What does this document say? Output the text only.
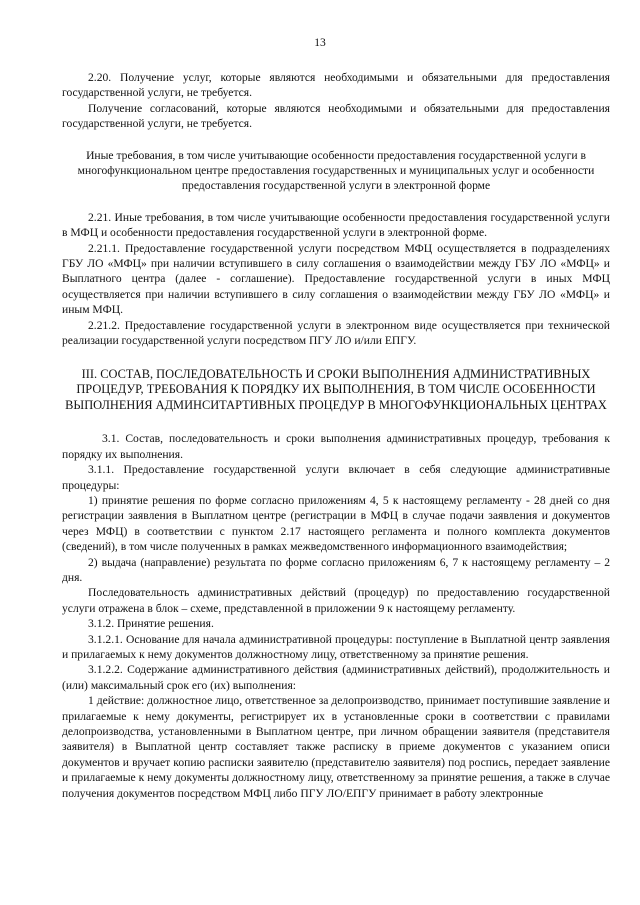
13

2.20. Получение услуг, которые являются необходимыми и обязательными для предоставления государственной услуги, не требуется.

Получение согласований, которые являются необходимыми и обязательными для предоставления государственной услуги, не требуется.

Иные требования, в том числе учитывающие особенности предоставления государственной услуги в многофункциональном центре предоставления государственных и муниципальных услуг и особенности предоставления государственной услуги в электронной форме

2.21. Иные требования, в том числе учитывающие особенности предоставления государственной услуги в МФЦ и особенности предоставления государственной услуги в электронной форме.

2.21.1. Предоставление государственной услуги посредством МФЦ осуществляется в подразделениях ГБУ ЛО «МФЦ» при наличии вступившего в силу соглашения о взаимодействии между ГБУ ЛО «МФЦ» и Выплатного центра (далее - соглашение). Предоставление государственной услуги в иных МФЦ осуществляется при наличии вступившего в силу соглашения о взаимодействии между ГБУ ЛО «МФЦ» и иным МФЦ.

2.21.2. Предоставление государственной услуги в электронном виде осуществляется при технической реализации государственной услуги посредством ПГУ ЛО и/или ЕПГУ.

III. СОСТАВ, ПОСЛЕДОВАТЕЛЬНОСТЬ И СРОКИ ВЫПОЛНЕНИЯ АДМИНИСТРАТИВНЫХ ПРОЦЕДУР, ТРЕБОВАНИЯ К ПОРЯДКУ ИХ ВЫПОЛНЕНИЯ, В ТОМ ЧИСЛЕ ОСОБЕННОСТИ ВЫПОЛНЕНИЯ АДМИНСИТАРТИВНЫХ ПРОЦЕДУР В МНОГОФУНКЦИОНАЛЬНЫХ ЦЕНТРАХ

3.1. Состав, последовательность и сроки выполнения административных процедур, требования к порядку их выполнения.

3.1.1. Предоставление государственной услуги включает в себя следующие административные процедуры:

1) принятие решения по форме согласно приложениям 4, 5 к настоящему регламенту - 28 дней со дня регистрации заявления в Выплатном центре (регистрации в МФЦ в случае подачи заявления и документов через МФЦ) в соответствии с пунктом 2.17 настоящего регламента и полного комплекта документов (сведений), в том числе полученных в рамках межведомственного информационного взаимодействия;

2) выдача (направление) результата по форме согласно приложениям 6, 7 к настоящему регламенту – 2 дня.

Последовательность административных действий (процедур) по предоставлению государственной услуги отражена в блок – схеме, представленной в приложении 9 к настоящему регламенту.

3.1.2. Принятие решения.

3.1.2.1. Основание для начала административной процедуры: поступление в Выплатной центр заявления и прилагаемых к нему документов должностному лицу, ответственному за принятие решения.

3.1.2.2. Содержание административного действия (административных действий), продолжительность и (или) максимальный срок его (их) выполнения:

1 действие: должностное лицо, ответственное за делопроизводство, принимает поступившие заявление и прилагаемые к нему документы, регистрирует их в установленные сроки в соответствии с правилами делопроизводства, установленными в Выплатном центре, при личном обращении заявителя (представителя заявителя) в Выплатной центр составляет также расписку в приеме документов с указанием описи документов и вручает копию расписки заявителю (представителю заявителя) под роспись, передает заявление и прилагаемые к нему документы должностному лицу, ответственному за принятие решения, а также в случае получения документов посредством МФЦ либо ПГУ ЛО/ЕПГУ принимает в работу электронные
